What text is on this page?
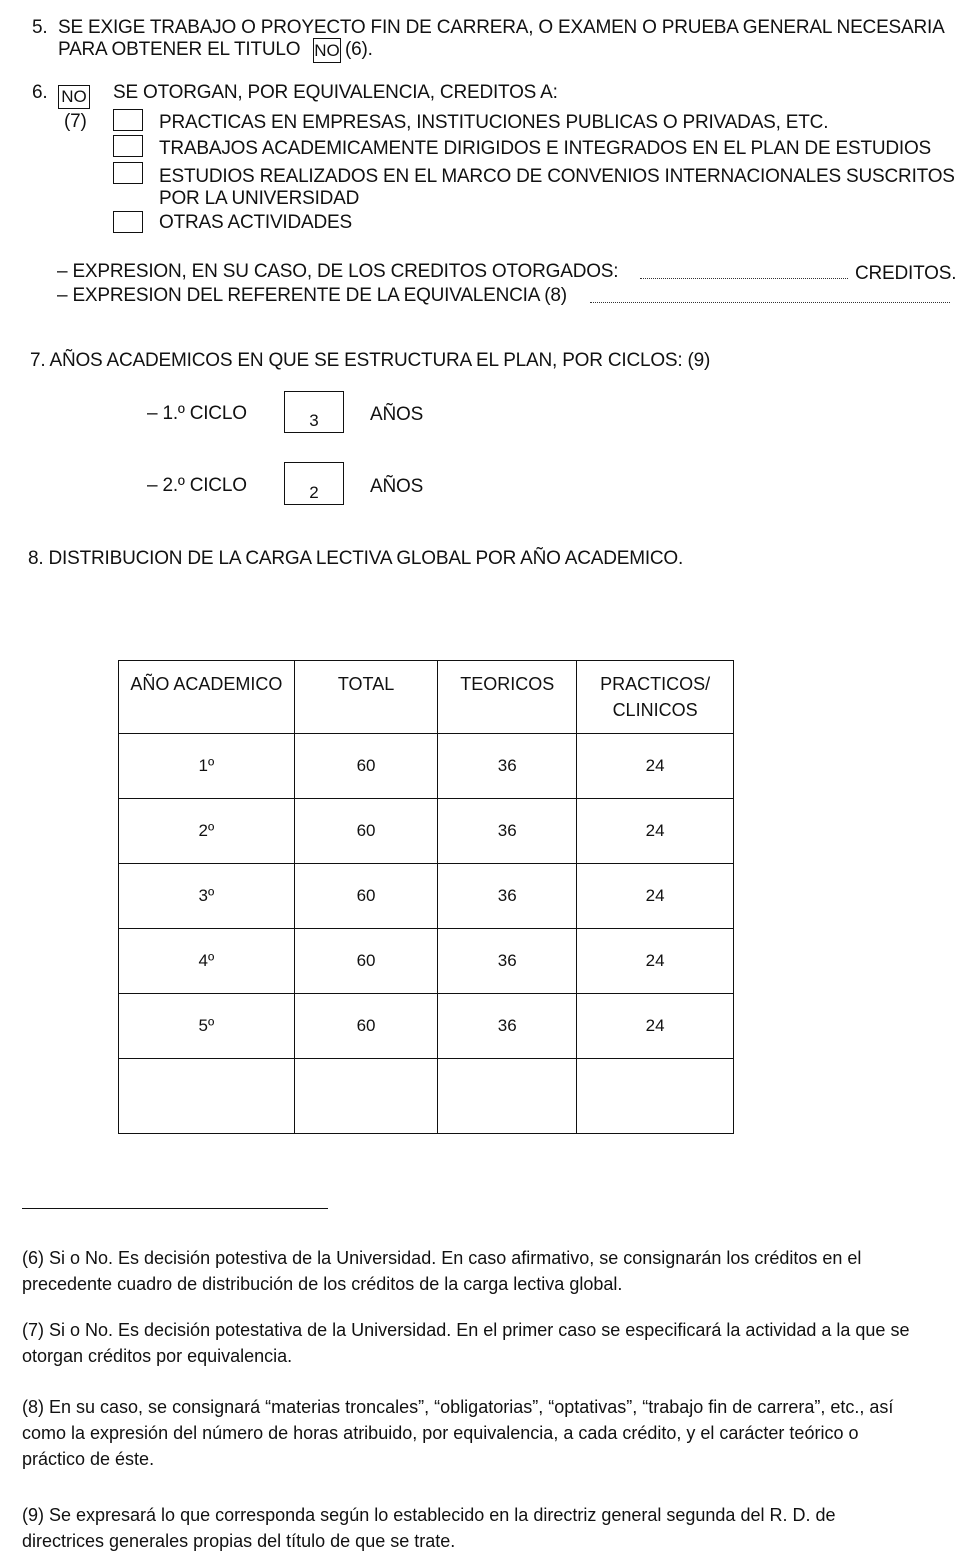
5. SE EXIGE TRABAJO O PROYECTO FIN DE CARRERA, O EXAMEN O PRUEBA GENERAL NECESARIA
PARA OBTENER EL TITULO NO (6).
6. NO
(7)
SE OTORGAN, POR EQUIVALENCIA, CREDITOS A:
PRACTICAS EN EMPRESAS, INSTITUCIONES PUBLICAS O PRIVADAS, ETC.
TRABAJOS ACADEMICAMENTE DIRIGIDOS E INTEGRADOS EN EL PLAN DE ESTUDIOS
ESTUDIOS REALIZADOS EN EL MARCO DE CONVENIOS INTERNACIONALES SUSCRITOS
POR LA UNIVERSIDAD
OTRAS ACTIVIDADES
– EXPRESION, EN SU CASO, DE LOS CREDITOS OTORGADOS:	CREDITOS.
– EXPRESION DEL REFERENTE DE LA EQUIVALENCIA (8)
7. AÑOS ACADEMICOS EN QUE SE ESTRUCTURA EL PLAN, POR CICLOS: (9)
– 1.º CICLO	3	AÑOS
– 2.º CICLO	2	AÑOS
8. DISTRIBUCION DE LA CARGA LECTIVA GLOBAL POR AÑO ACADEMICO.
AÑO ACADEMICO	TOTAL	TEORICOS	PRACTICOS/
CLINICOS
1º	60	36	24
2º	60	36	24
3º	60	36	24
4º	60	36	24
5º	60	36	24

(6) Si o No. Es decisión potestiva de la Universidad. En caso afirmativo, se consignarán los créditos en el precedente cuadro de distribución de los créditos de la carga lectiva global.
(7) Si o No. Es decisión potestativa de la Universidad. En el primer caso se especificará la actividad a la que se otorgan créditos por equivalencia.
(8) En su caso, se consignará “materias troncales”, “obligatorias”, “optativas”, “trabajo fin de carrera”, etc., así como la expresión del número de horas atribuido, por equivalencia, a cada crédito, y el carácter teórico o práctico de éste.
(9) Se expresará lo que corresponda según lo establecido en la directriz general segunda del R. D. de directrices generales propias del título de que se trate.
